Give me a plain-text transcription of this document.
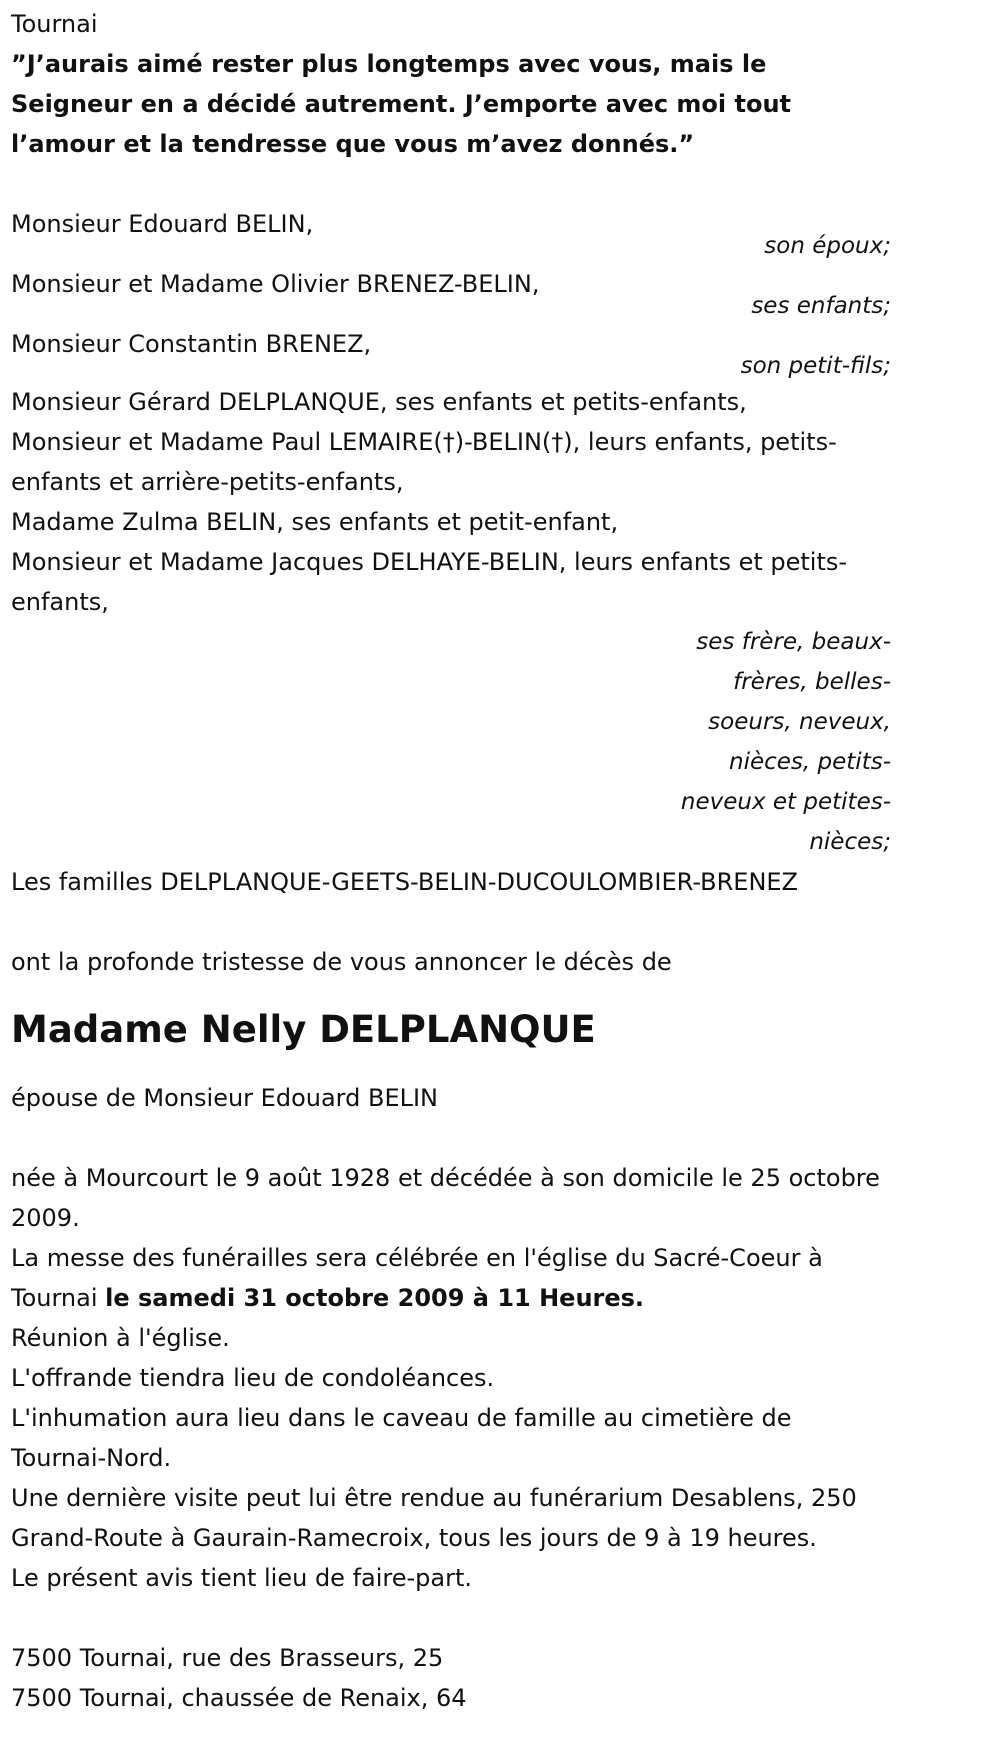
Tournai
”J’aurais aimé rester plus longtemps avec vous, mais le Seigneur en a décidé autrement. J’emporte avec moi tout l’amour et la tendresse que vous m’avez donnés.”
Monsieur Edouard BELIN,
son époux;
Monsieur et Madame Olivier BRENEZ-BELIN,
ses enfants;
Monsieur Constantin BRENEZ,
son petit-fils;
Monsieur Gérard DELPLANQUE, ses enfants et petits-enfants,
Monsieur et Madame Paul LEMAIRE(†)-BELIN(†), leurs enfants, petits-enfants et arrière-petits-enfants,
Madame Zulma BELIN, ses enfants et petit-enfant,
Monsieur et Madame Jacques DELHAYE-BELIN, leurs enfants et petits-enfants,
ses frère, beaux-frères, belles-soeurs, neveux, nièces, petits-neveux et petites-nièces;
Les familles DELPLANQUE-GEETS-BELIN-DUCOULOMBIER-BRENEZ
ont la profonde tristesse de vous annoncer le décès de
Madame Nelly DELPLANQUE
épouse de Monsieur Edouard BELIN
née à Mourcourt le 9 août 1928 et décédée à son domicile le 25 octobre 2009.
La messe des funérailles sera célébrée en l'église du Sacré-Coeur à Tournai le samedi 31 octobre 2009 à 11 Heures.
Réunion à l'église.
L'offrande tiendra lieu de condoléances.
L'inhumation aura lieu dans le caveau de famille au cimetière de Tournai-Nord.
Une dernière visite peut lui être rendue au funérarium Desablens, 250 Grand-Route à Gaurain-Ramecroix, tous les jours de 9 à 19 heures.
Le présent avis tient lieu de faire-part.
7500 Tournai, rue des Brasseurs, 25
7500 Tournai, chaussée de Renaix, 64
